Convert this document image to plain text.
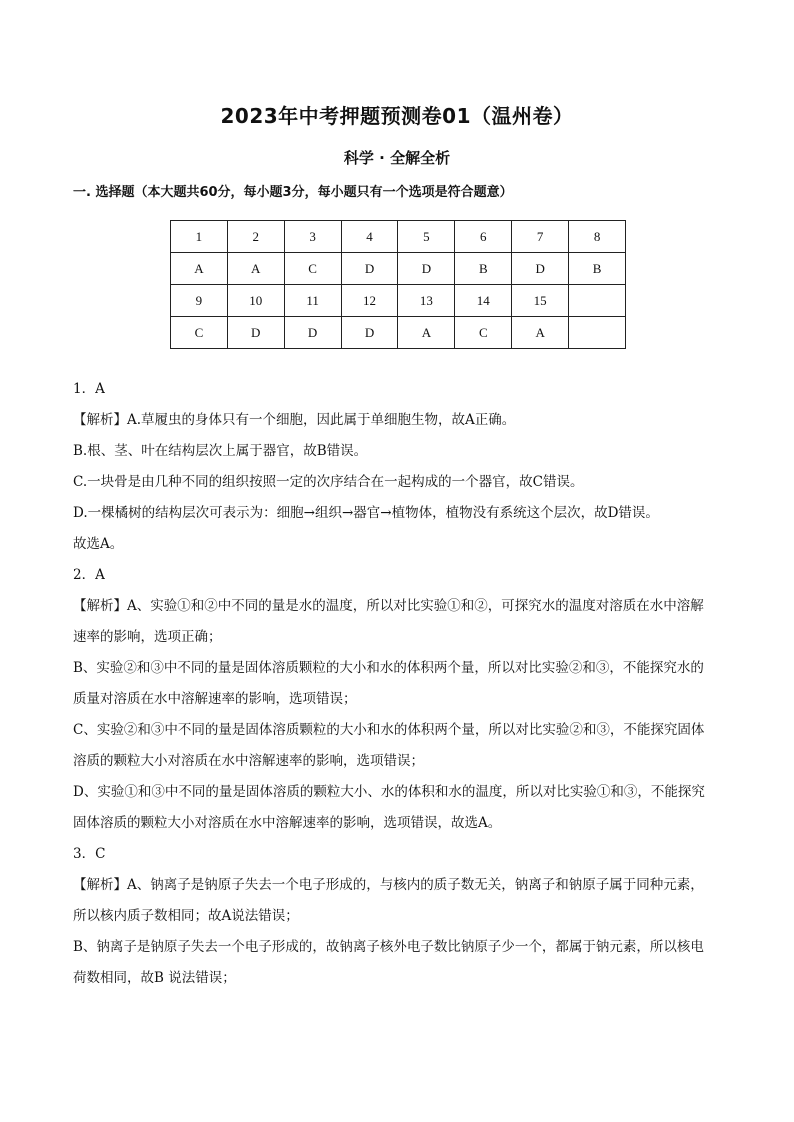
2023年中考押题预测卷01（温州卷）
科学 · 全解全析
一. 选择题（本大题共60分，每小题3分，每小题只有一个选项是符合题意）
1	2	3	4	5	6	7	8
A	A	C	D	D	B	D	B
9	10	11	12	13	14	15	
C	D	D	D	A	C	A	

1．A

【解析】A.草履虫的身体只有一个细胞，因此属于单细胞生物，故A正确。

B.根、茎、叶在结构层次上属于器官，故B错误。

C.一块骨是由几种不同的组织按照一定的次序结合在一起构成的一个器官，故C错误。

D.一棵橘树的结构层次可表示为：细胞→组织→器官→植物体，植物没有系统这个层次，故D错误。

故选A。

2．A

【解析】A、实验①和②中不同的量是水的温度，所以对比实验①和②，可探究水的温度对溶质在水中溶解

速率的影响，选项正确；

B、实验②和③中不同的量是固体溶质颗粒的大小和水的体积两个量，所以对比实验②和③，不能探究水的

质量对溶质在水中溶解速率的影响，选项错误；

C、实验②和③中不同的量是固体溶质颗粒的大小和水的体积两个量，所以对比实验②和③，不能探究固体

溶质的颗粒大小对溶质在水中溶解速率的影响，选项错误；

D、实验①和③中不同的量是固体溶质的颗粒大小、水的体积和水的温度，所以对比实验①和③，不能探究

固体溶质的颗粒大小对溶质在水中溶解速率的影响，选项错误，故选A。

3．C

【解析】A、钠离子是钠原子失去一个电子形成的，与核内的质子数无关，钠离子和钠原子属于同种元素，

所以核内质子数相同；故A说法错误；

B、钠离子是钠原子失去一个电子形成的，故钠离子核外电子数比钠原子少一个，都属于钠元素，所以核电

荷数相同，故B 说法错误；
